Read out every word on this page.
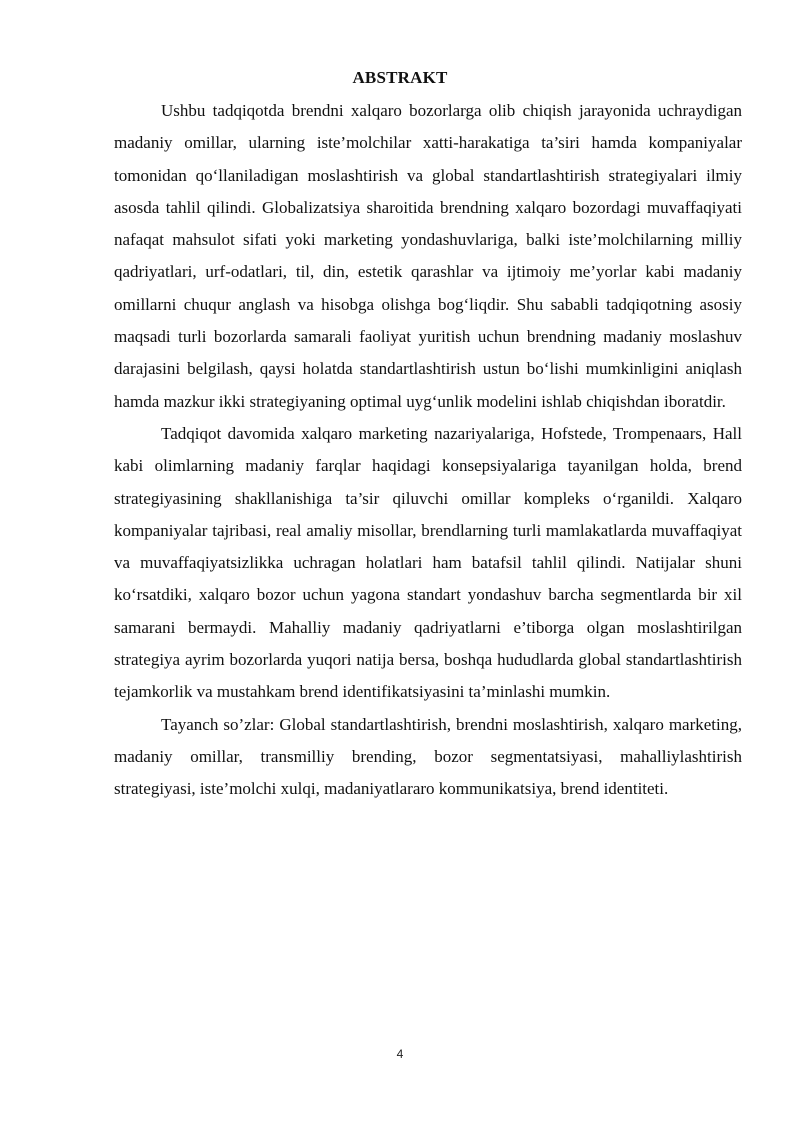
ABSTRAKT

Ushbu tadqiqotda brendni xalqaro bozorlarga olib chiqish jarayonida uchraydigan madaniy omillar, ularning iste’molchilar xatti-harakatiga ta’siri hamda kompaniyalar tomonidan qo‘llaniladigan moslashtirish va global standartlashtirish strategiyalari ilmiy asosda tahlil qilindi. Globalizatsiya sharoitida brendning xalqaro bozordagi muvaffaqiyati nafaqat mahsulot sifati yoki marketing yondashuvlariga, balki iste’molchilarning milliy qadriyatlari, urf-odatlari, til, din, estetik qarashlar va ijtimoiy me’yorlar kabi madaniy omillarni chuqur anglash va hisobga olishga bog‘liqdir. Shu sababli tadqiqotning asosiy maqsadi turli bozorlarda samarali faoliyat yuritish uchun brendning madaniy moslashuv darajasini belgilash, qaysi holatda standartlashtirish ustun bo‘lishi mumkinligini aniqlash hamda mazkur ikki strategiyaning optimal uyg‘unlik modelini ishlab chiqishdan iboratdir.

Tadqiqot davomida xalqaro marketing nazariyalariga, Hofstede, Trompenaars, Hall kabi olimlarning madaniy farqlar haqidagi konsepsiyalariga tayanilgan holda, brend strategiyasining shakllanishiga ta’sir qiluvchi omillar kompleks o‘rganildi. Xalqaro kompaniyalar tajribasi, real amaliy misollar, brendlarning turli mamlakatlarda muvaffaqiyat va muvaffaqiyatsizlikka uchragan holatlari ham batafsil tahlil qilindi. Natijalar shuni ko‘rsatdiki, xalqaro bozor uchun yagona standart yondashuv barcha segmentlarda bir xil samarani bermaydi. Mahalliy madaniy qadriyatlarni e’tiborga olgan moslashtirilgan strategiya ayrim bozorlarda yuqori natija bersa, boshqa hududlarda global standartlashtirish tejamkorlik va mustahkam brend identifikatsiyasini ta’minlashi mumkin.

Tayanch so’zlar: Global standartlashtirish, brendni moslashtirish, xalqaro marketing, madaniy omillar, transmilliy brending, bozor segmentatsiyasi, mahalliylashtirish strategiyasi, iste’molchi xulqi, madaniyatlararo kommunikatsiya, brend identiteti.

4
